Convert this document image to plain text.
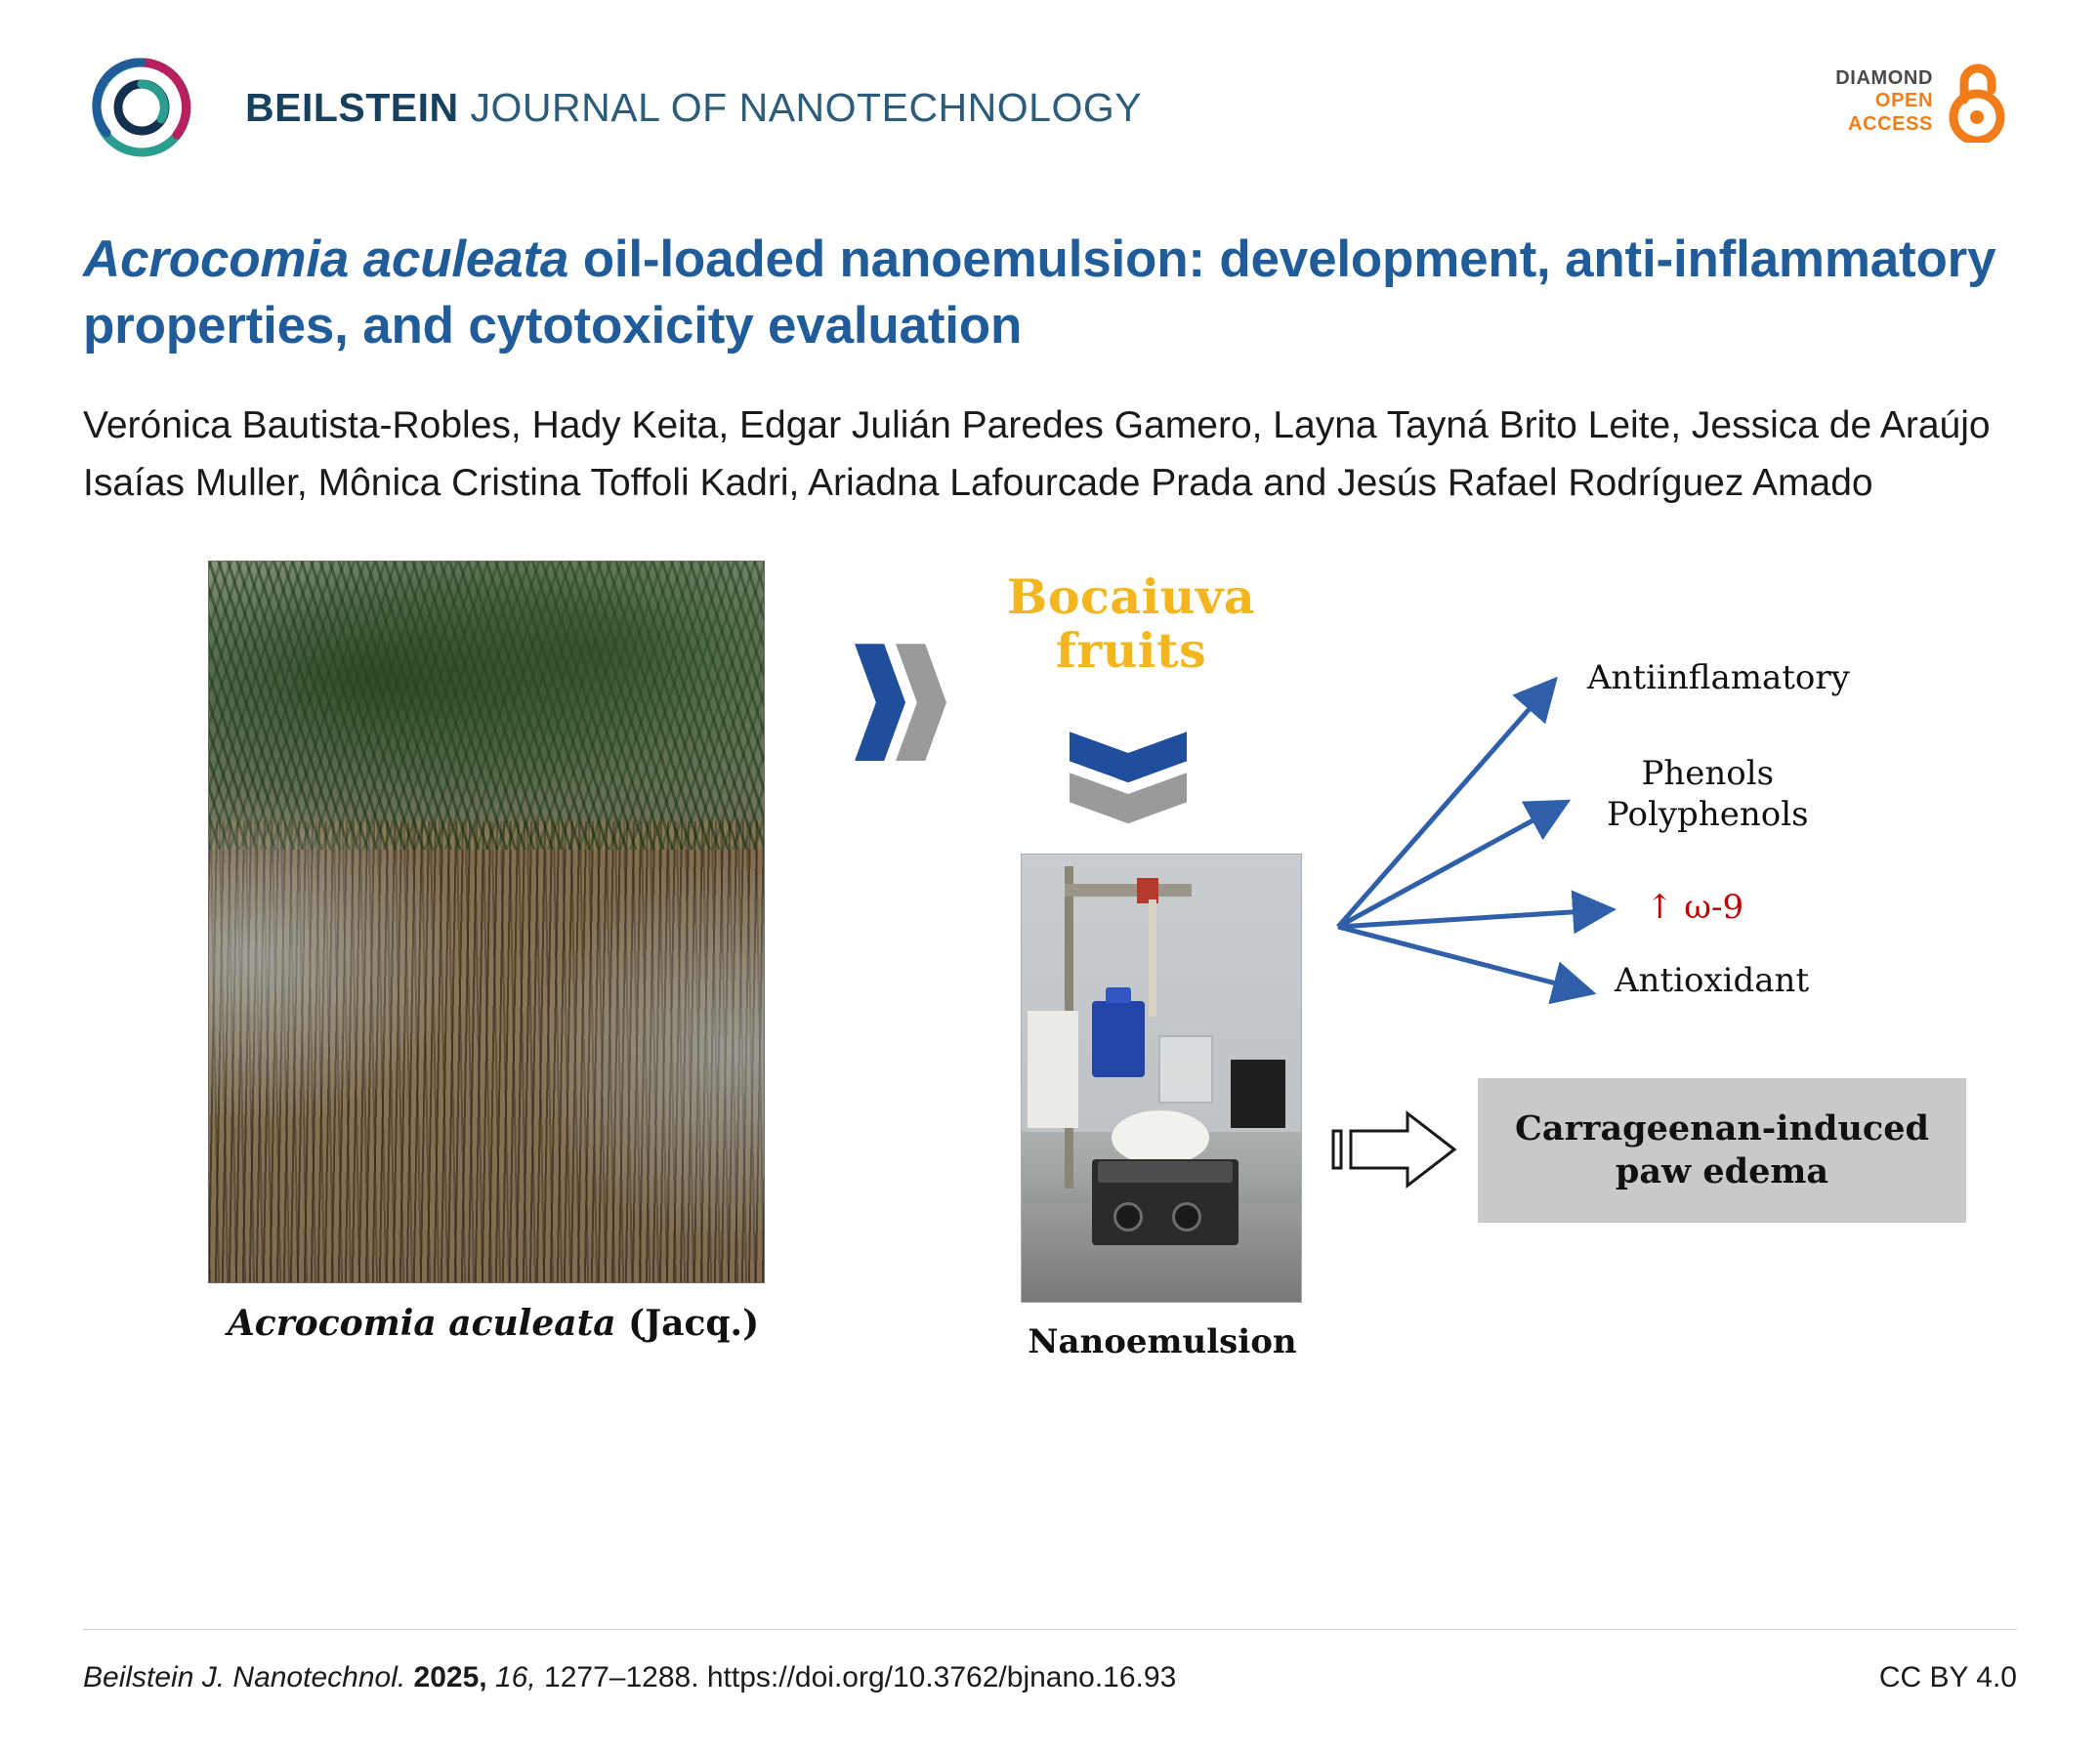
BEILSTEIN JOURNAL OF NANOTECHNOLOGY
DIAMOND
OPEN
ACCESS
Acrocomia aculeata oil-loaded nanoemulsion: development, anti-inflammatory properties, and cytotoxicity evaluation
Verónica Bautista-Robles, Hady Keita, Edgar Julián Paredes Gamero, Layna Tayná Brito Leite, Jessica de Araújo Isaías Muller, Mônica Cristina Toffoli Kadri, Ariadna Lafourcade Prada and Jesús Rafael Rodríguez Amado
Acrocomia aculeata (Jacq.)
Bocaiuva
fruits
Nanoemulsion
Antiinflamatory
Phenols
Polyphenols
↑ ω-9
Antioxidant
Carrageenan-induced
paw edema
Beilstein J. Nanotechnol. 2025, 16, 1277–1288. https://doi.org/10.3762/bjnano.16.93	CC BY 4.0
